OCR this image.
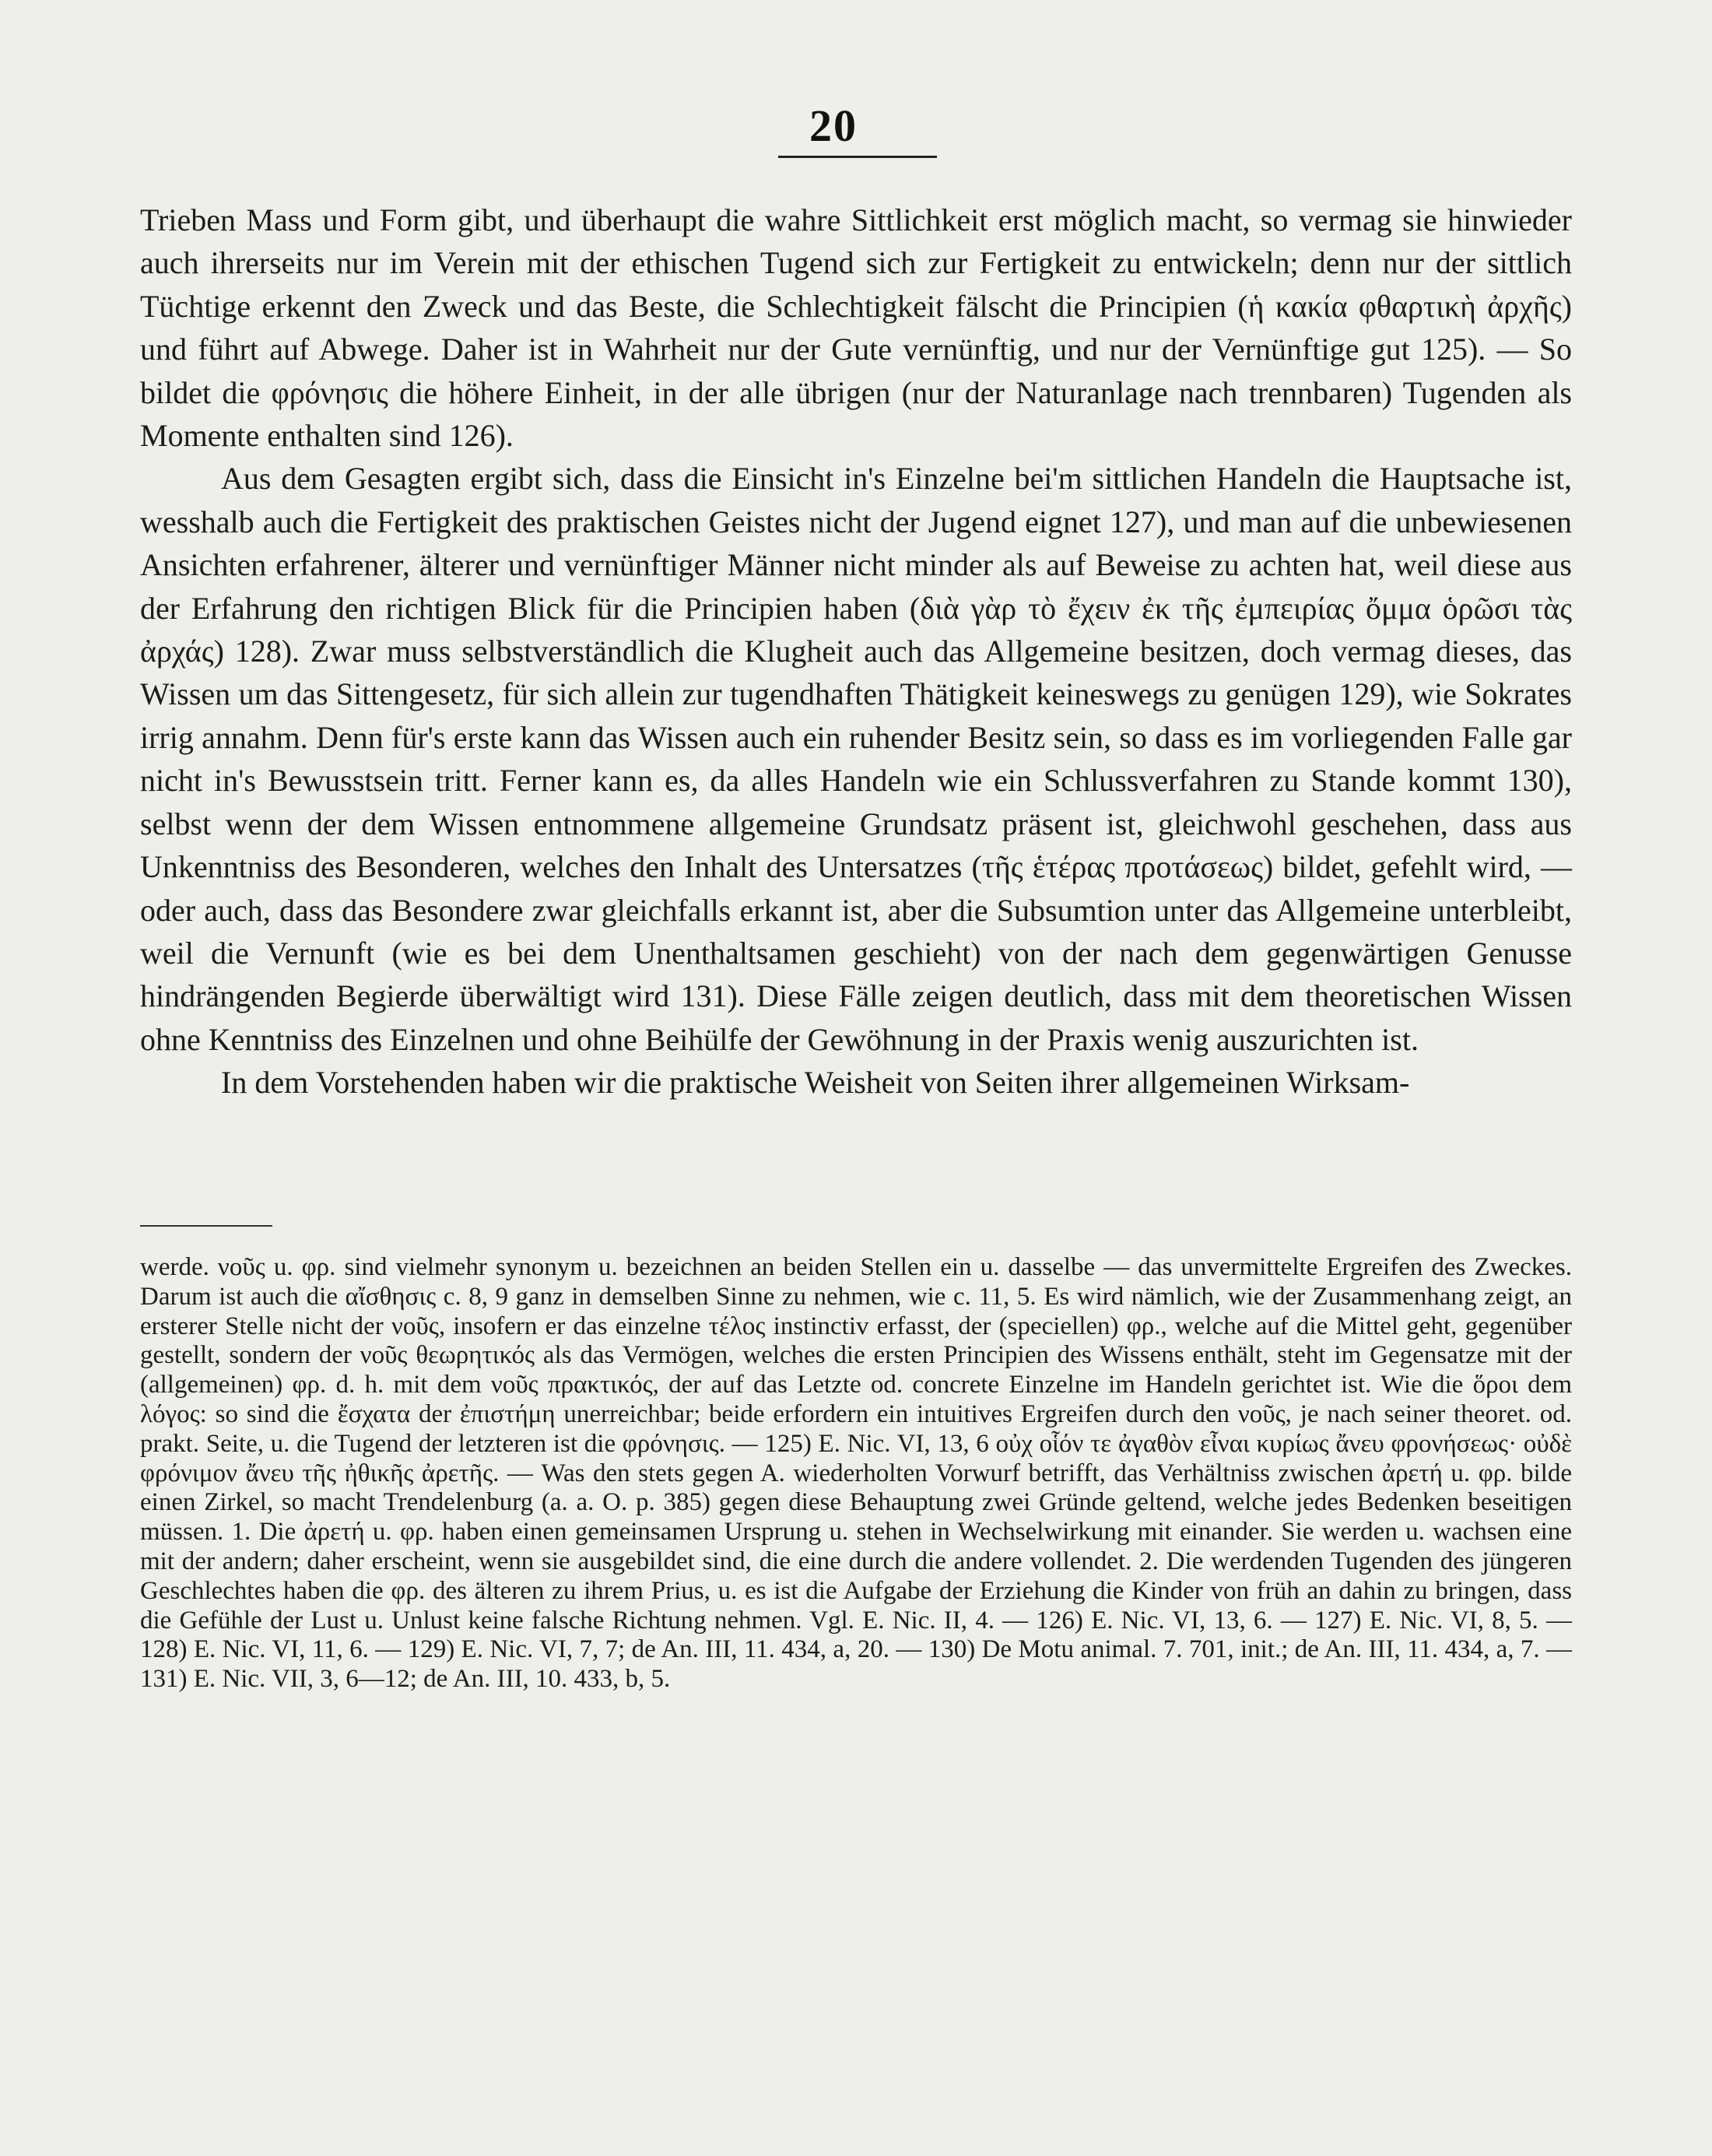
20

Trieben Mass und Form gibt, und überhaupt die wahre Sittlichkeit erst möglich macht, so vermag sie hinwieder auch ihrerseits nur im Verein mit der ethischen Tugend sich zur Fertigkeit zu entwickeln; denn nur der sittlich Tüchtige erkennt den Zweck und das Beste, die Schlechtigkeit fälscht die Principien (ἡ κακία φθαρτικὴ ἀρχῆς) und führt auf Abwege. Daher ist in Wahrheit nur der Gute vernünftig, und nur der Vernünftige gut 125). — So bildet die φρόνησις die höhere Einheit, in der alle übrigen (nur der Naturanlage nach trennbaren) Tugenden als Momente enthalten sind 126).

Aus dem Gesagten ergibt sich, dass die Einsicht in's Einzelne bei'm sittlichen Handeln die Hauptsache ist, wesshalb auch die Fertigkeit des praktischen Geistes nicht der Jugend eignet 127), und man auf die unbewiesenen Ansichten erfahrener, älterer und vernünftiger Männer nicht minder als auf Beweise zu achten hat, weil diese aus der Erfahrung den richtigen Blick für die Principien haben (διὰ γὰρ τὸ ἔχειν ἐκ τῆς ἐμπειρίας ὄμμα ὁρῶσι τὰς ἀρχάς) 128). Zwar muss selbstverständlich die Klugheit auch das Allgemeine besitzen, doch vermag dieses, das Wissen um das Sittengesetz, für sich allein zur tugendhaften Thätigkeit keineswegs zu genügen 129), wie Sokrates irrig annahm. Denn für's erste kann das Wissen auch ein ruhender Besitz sein, so dass es im vorliegenden Falle gar nicht in's Bewusstsein tritt. Ferner kann es, da alles Handeln wie ein Schlussverfahren zu Stande kommt 130), selbst wenn der dem Wissen entnommene allgemeine Grundsatz präsent ist, gleichwohl geschehen, dass aus Unkenntniss des Besonderen, welches den Inhalt des Untersatzes (τῆς ἑτέρας προτάσεως) bildet, gefehlt wird, — oder auch, dass das Besondere zwar gleichfalls erkannt ist, aber die Subsumtion unter das Allgemeine unterbleibt, weil die Vernunft (wie es bei dem Unenthaltsamen geschieht) von der nach dem gegenwärtigen Genusse hindrängenden Begierde überwältigt wird 131). Diese Fälle zeigen deutlich, dass mit dem theoretischen Wissen ohne Kenntniss des Einzelnen und ohne Beihülfe der Gewöhnung in der Praxis wenig auszurichten ist.

In dem Vorstehenden haben wir die praktische Weisheit von Seiten ihrer allgemeinen Wirksam-

werde. νοῦς u. φρ. sind vielmehr synonym u. bezeichnen an beiden Stellen ein u. dasselbe — das unvermittelte Ergreifen des Zweckes. Darum ist auch die αἴσθησις c. 8, 9 ganz in demselben Sinne zu nehmen, wie c. 11, 5. Es wird nämlich, wie der Zusammenhang zeigt, an ersterer Stelle nicht der νοῦς, insofern er das einzelne τέλος instinctiv erfasst, der (speciellen) φρ., welche auf die Mittel geht, gegenüber gestellt, sondern der νοῦς θεωρητικός als das Vermögen, welches die ersten Principien des Wissens enthält, steht im Gegensatze mit der (allgemeinen) φρ. d. h. mit dem νοῦς πρακτικός, der auf das Letzte od. concrete Einzelne im Handeln gerichtet ist. Wie die ὅροι dem λόγος: so sind die ἔσχατα der ἐπιστήμη unerreichbar; beide erfordern ein intuitives Ergreifen durch den νοῦς, je nach seiner theoret. od. prakt. Seite, u. die Tugend der letzteren ist die φρόνησις. — 125) E. Nic. VI, 13, 6 οὐχ οἷόν τε ἀγαθὸν εἶναι κυρίως ἄνευ φρονήσεως· οὐδὲ φρόνιμον ἄνευ τῆς ἠθικῆς ἀρετῆς. — Was den stets gegen A. wiederholten Vorwurf betrifft, das Verhältniss zwischen ἀρετή u. φρ. bilde einen Zirkel, so macht Trendelenburg (a. a. O. p. 385) gegen diese Behauptung zwei Gründe geltend, welche jedes Bedenken beseitigen müssen. 1. Die ἀρετή u. φρ. haben einen gemeinsamen Ursprung u. stehen in Wechselwirkung mit einander. Sie werden u. wachsen eine mit der andern; daher erscheint, wenn sie ausgebildet sind, die eine durch die andere vollendet. 2. Die werdenden Tugenden des jüngeren Geschlechtes haben die φρ. des älteren zu ihrem Prius, u. es ist die Aufgabe der Erziehung die Kinder von früh an dahin zu bringen, dass die Gefühle der Lust u. Unlust keine falsche Richtung nehmen. Vgl. E. Nic. II, 4. — 126) E. Nic. VI, 13, 6. — 127) E. Nic. VI, 8, 5. — 128) E. Nic. VI, 11, 6. — 129) E. Nic. VI, 7, 7; de An. III, 11. 434, a, 20. — 130) De Motu animal. 7. 701, init.; de An. III, 11. 434, a, 7. — 131) E. Nic. VII, 3, 6—12; de An. III, 10. 433, b, 5.
